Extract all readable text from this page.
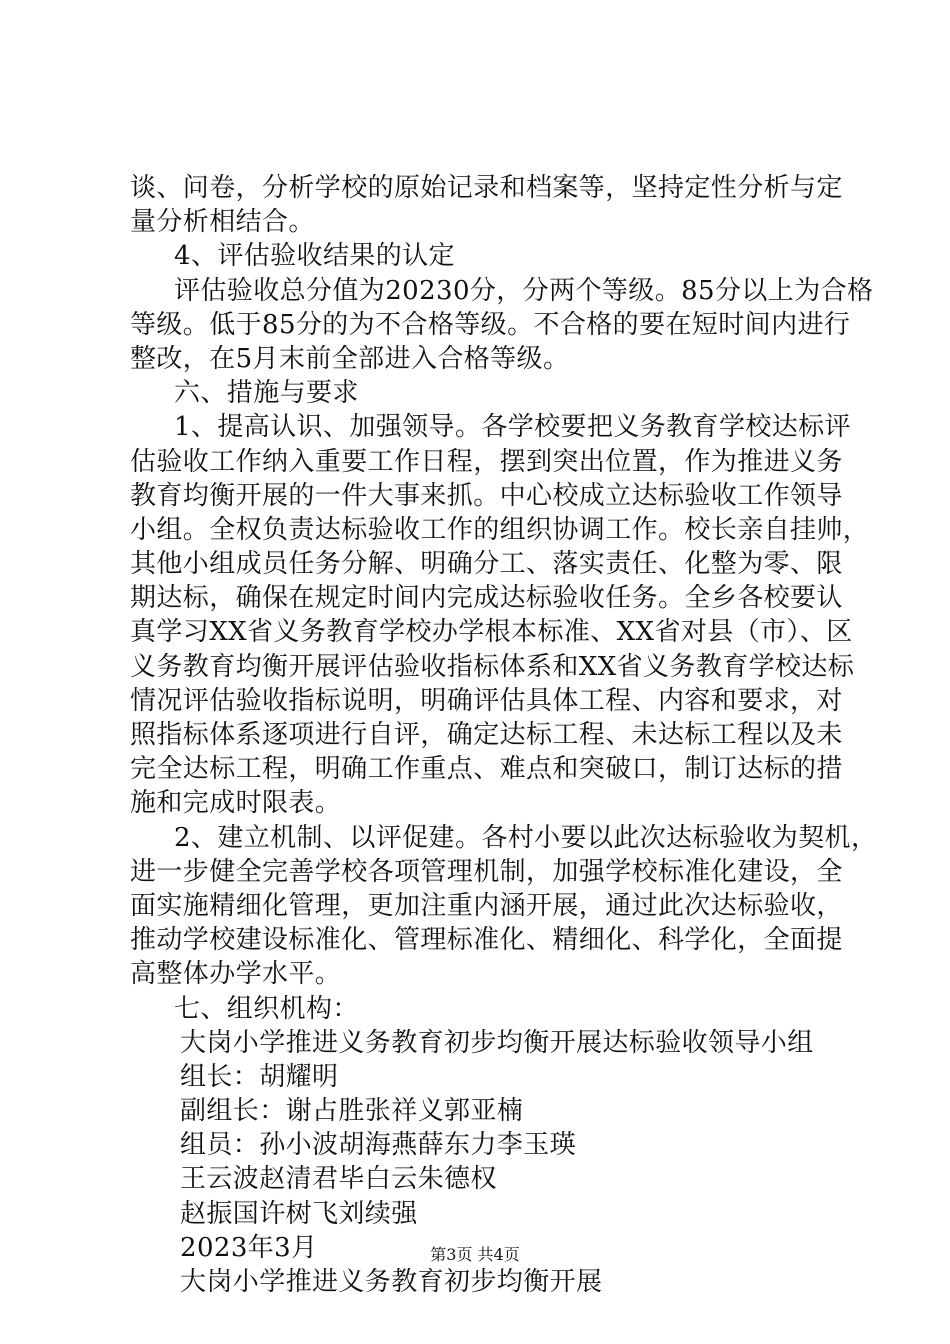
谈、问卷，分析学校的原始记录和档案等，坚持定性分析与定
量分析相结合。
4、评估验收结果的认定
评估验收总分值为20230分，分两个等级。85分以上为合格
等级。低于85分的为不合格等级。不合格的要在短时间内进行
整改，在5月末前全部进入合格等级。
六、措施与要求
1、提高认识、加强领导。各学校要把义务教育学校达标评
估验收工作纳入重要工作日程，摆到突出位置，作为推进义务
教育均衡开展的一件大事来抓。中心校成立达标验收工作领导
小组。全权负责达标验收工作的组织协调工作。校长亲自挂帅，
其他小组成员任务分解、明确分工、落实责任、化整为零、限
期达标，确保在规定时间内完成达标验收任务。全乡各校要认
真学习XX省义务教育学校办学根本标准、XX省对县（市）、区
义务教育均衡开展评估验收指标体系和XX省义务教育学校达标
情况评估验收指标说明，明确评估具体工程、内容和要求，对
照指标体系逐项进行自评，确定达标工程、未达标工程以及未
完全达标工程，明确工作重点、难点和突破口，制订达标的措
施和完成时限表。
2、建立机制、以评促建。各村小要以此次达标验收为契机，
进一步健全完善学校各项管理机制，加强学校标准化建设，全
面实施精细化管理，更加注重内涵开展，通过此次达标验收，
推动学校建设标准化、管理标准化、精细化、科学化，全面提
高整体办学水平。
七、组织机构：
大岗小学推进义务教育初步均衡开展达标验收领导小组
组长：胡耀明
副组长：谢占胜张祥义郭亚楠
组员：孙小波胡海燕薛东力李玉瑛
王云波赵清君毕白云朱德权
赵振国许树飞刘续强
2023年3月
大岗小学推进义务教育初步均衡开展
第3页 共4页
